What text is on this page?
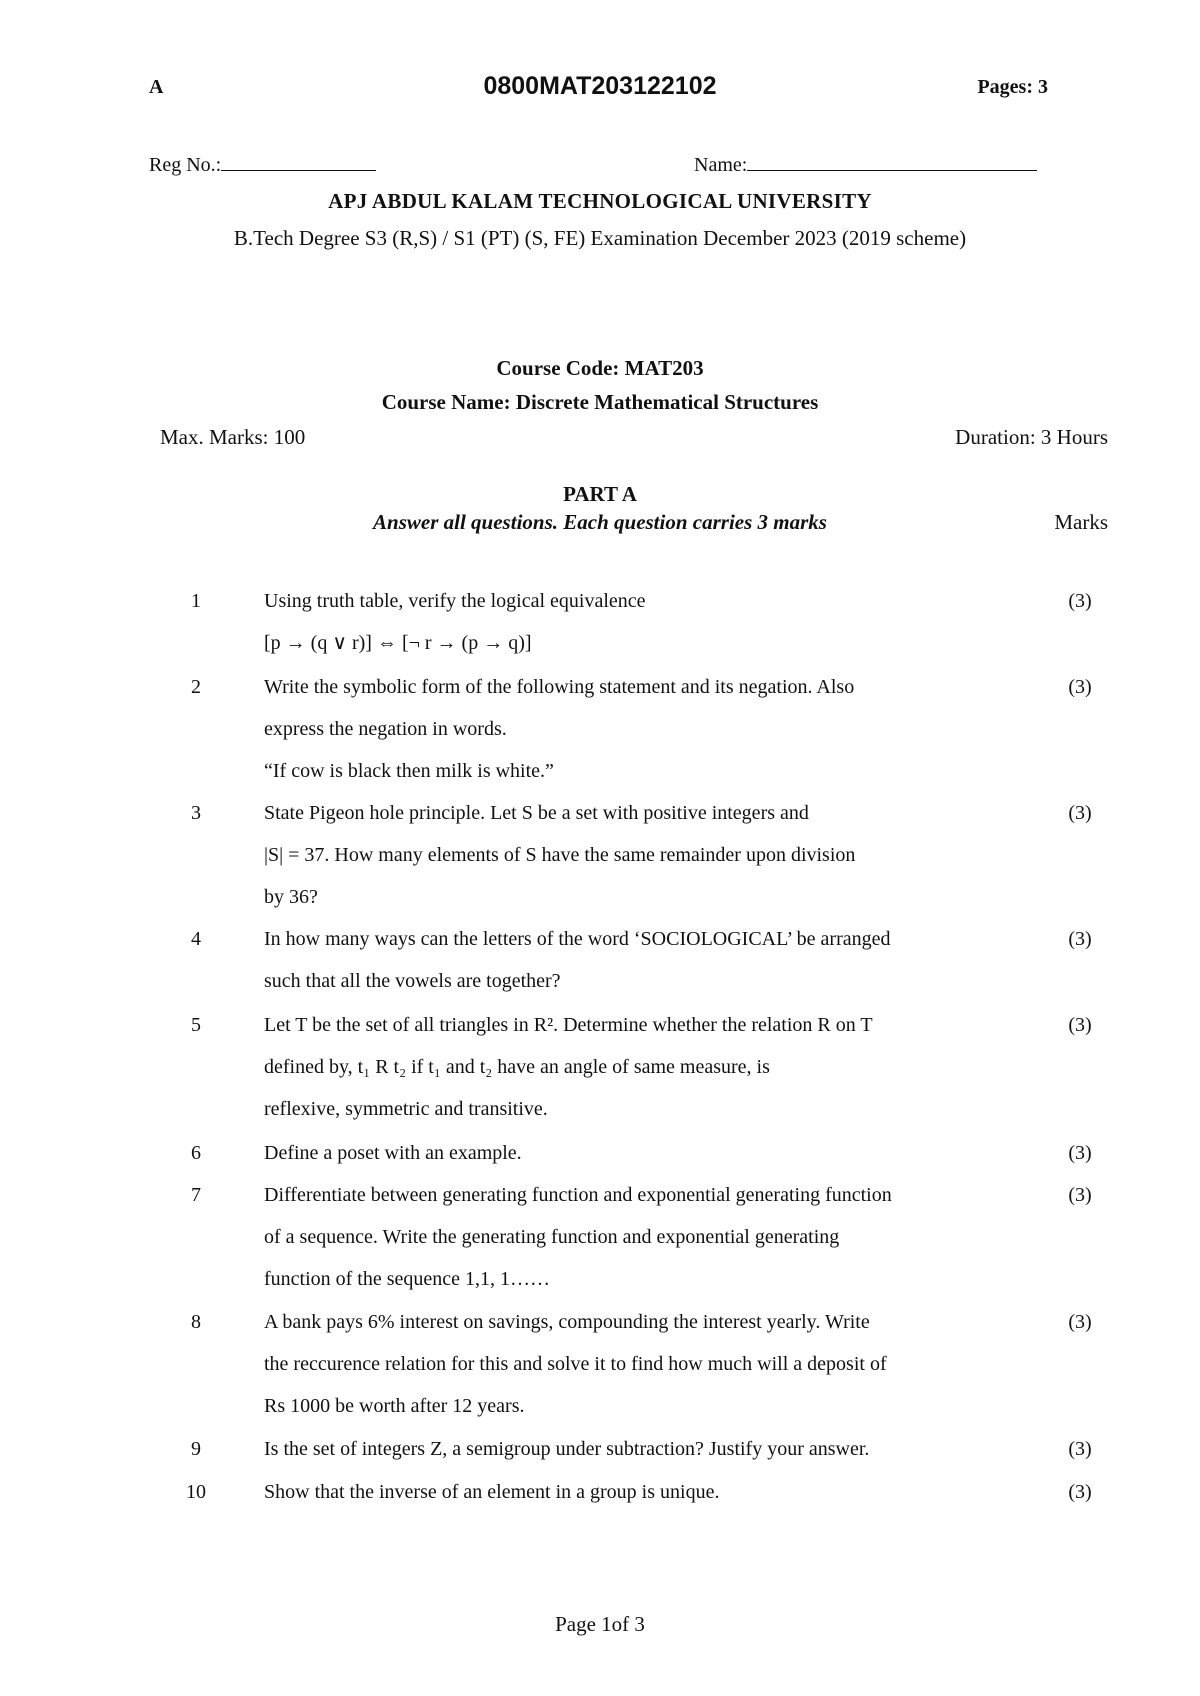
A	0800MAT203122102	Pages: 3
Reg No.:	Name:
APJ ABDUL KALAM TECHNOLOGICAL UNIVERSITY
B.Tech Degree S3 (R,S) / S1 (PT) (S, FE) Examination December 2023 (2019 scheme)
Course Code: MAT203
Course Name: Discrete Mathematical Structures
Max. Marks: 100	Duration: 3 Hours
PART A
Answer all questions. Each question carries 3 marks	Marks
1	Using truth table, verify the logical equivalence
[p → (q ∨ r)] ⇔ [¬ r → (p → q)]
(3)
2	Write the symbolic form of the following statement and its negation. Also
express the negation in words.
“If cow is black then milk is white.”
(3)
3	State Pigeon hole principle. Let S be a set with positive integers and
|S| = 37. How many elements of S have the same remainder upon division
by 36?
(3)
4	In how many ways can the letters of the word ‘SOCIOLOGICAL’ be arranged
such that all the vowels are together?
(3)
5	Let T be the set of all triangles in R². Determine whether the relation R on T
defined by, t₁ R t₂ if t₁ and t₂ have an angle of same measure, is
reflexive, symmetric and transitive.
(3)
6	Define a poset with an example.	(3)
7	Differentiate between generating function and exponential generating function
of a sequence. Write the generating function and exponential generating
function of the sequence 1,1, 1……
(3)
8	A bank pays 6% interest on savings, compounding the interest yearly. Write
the reccurence relation for this and solve it to find how much will a deposit of
Rs 1000 be worth after 12 years.
(3)
9	Is the set of integers Z, a semigroup under subtraction? Justify your answer.	(3)
10	Show that the inverse of an element in a group is unique.	(3)
Page 1of 3
